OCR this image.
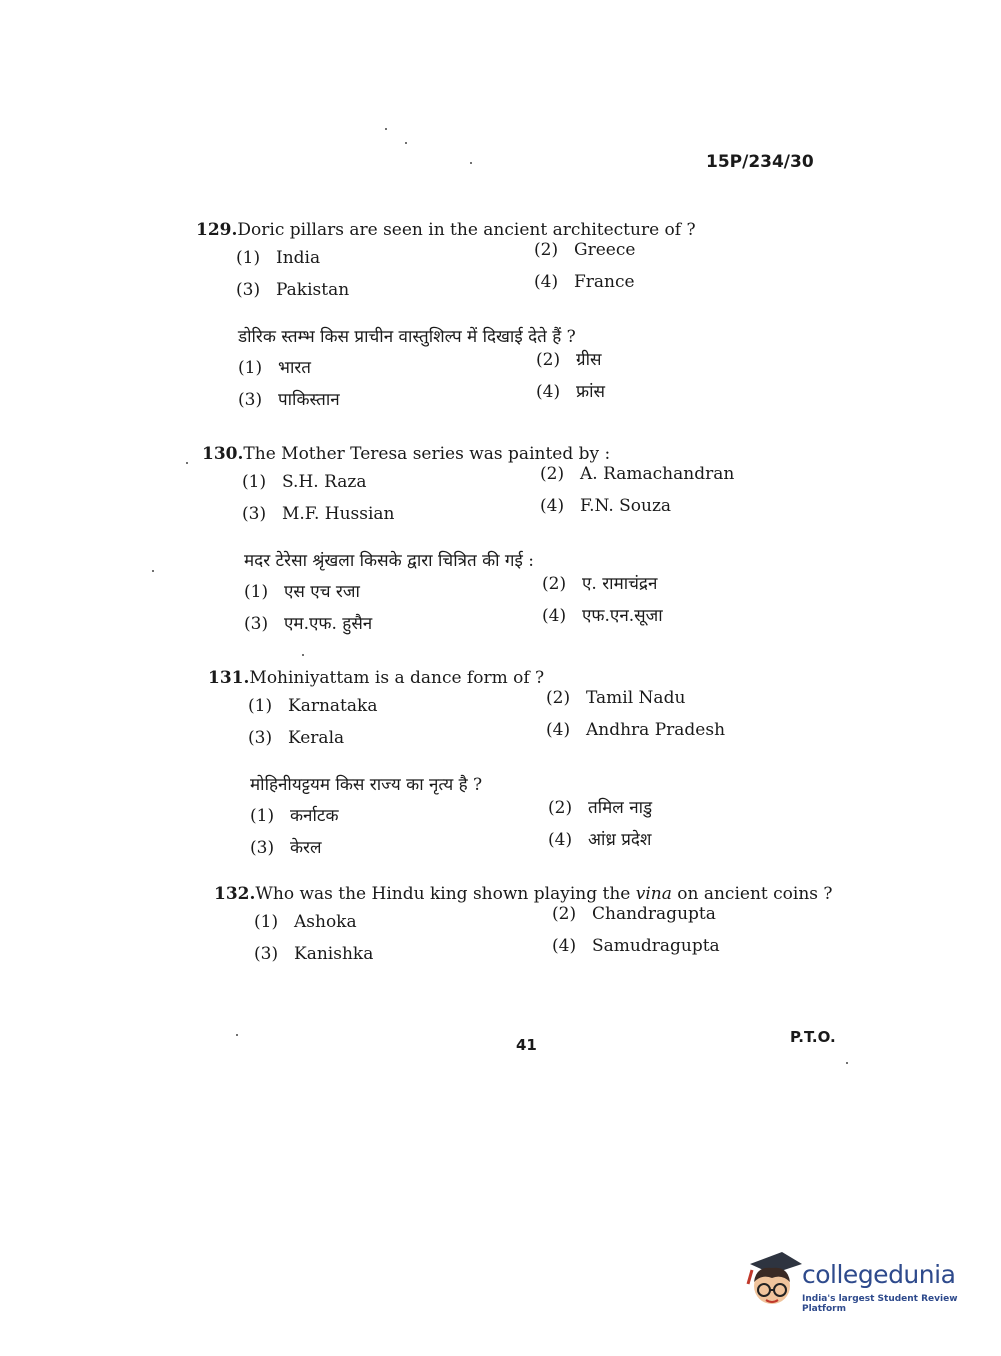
15P/234/30
129.Doric pillars are seen in the ancient architecture of ?
(1) India	(2) Greece
(3) Pakistan	(4) France
डोरिक स्तम्भ किस प्राचीन वास्तुशिल्प में दिखाई देते हैं ?
(1) भारत	(2) ग्रीस
(3) पाकिस्तान	(4) फ्रांस
130.The Mother Teresa series was painted by :
(1) S.H. Raza	(2) A. Ramachandran
(3) M.F. Hussian	(4) F.N. Souza
मदर टेरेसा श्रृंखला किसके द्वारा चित्रित की गई :
(1) एस एच रजा	(2) ए. रामाचंद्रन
(3) एम.एफ. हुसैन	(4) एफ.एन.सूजा
131.Mohiniyattam is a dance form of ?
(1) Karnataka	(2) Tamil Nadu
(3) Kerala	(4) Andhra Pradesh
मोहिनीयट्टयम किस राज्य का नृत्य है ?
(1) कर्नाटक	(2) तमिल नाडु
(3) केरल	(4) आंध्र प्रदेश
132.Who was the Hindu king shown playing the vina on ancient coins ?
(1) Ashoka	(2) Chandragupta
(3) Kanishka	(4) Samudragupta
41	P.T.O.
collegedunia
India's largest Student Review Platform
